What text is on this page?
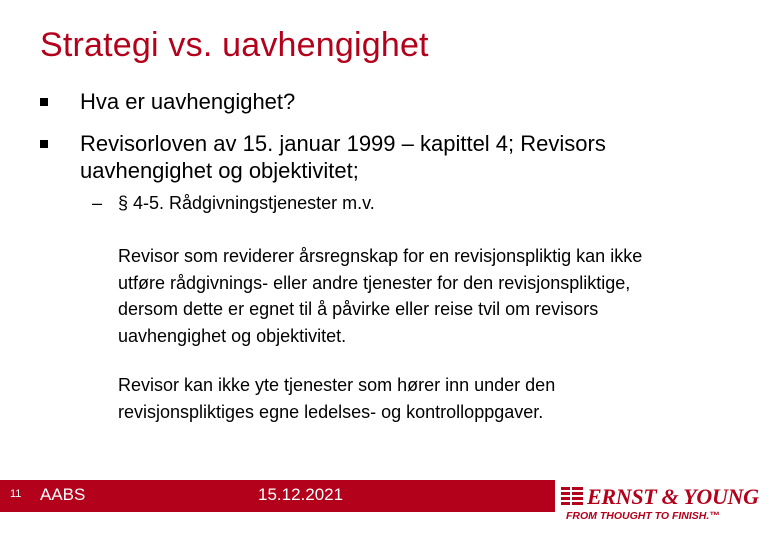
Strategi vs. uavhengighet
Hva er uavhengighet?
Revisorloven av 15. januar 1999 – kapittel 4; Revisors
uavhengighet og objektivitet;
– § 4-5. Rådgivningstjenester m.v.
Revisor som reviderer årsregnskap for en revisjonspliktig kan ikke
utføre rådgivnings- eller andre tjenester for den revisjonspliktige,
dersom dette er egnet til å påvirke eller reise tvil om revisors
uavhengighet og objektivitet.
Revisor kan ikke yte tjenester som hører inn under den
revisjonspliktiges egne ledelses- og kontrolloppgaver.
11 AABS	15.12.2021	ERNST & YOUNG
FROM THOUGHT TO FINISH.™
